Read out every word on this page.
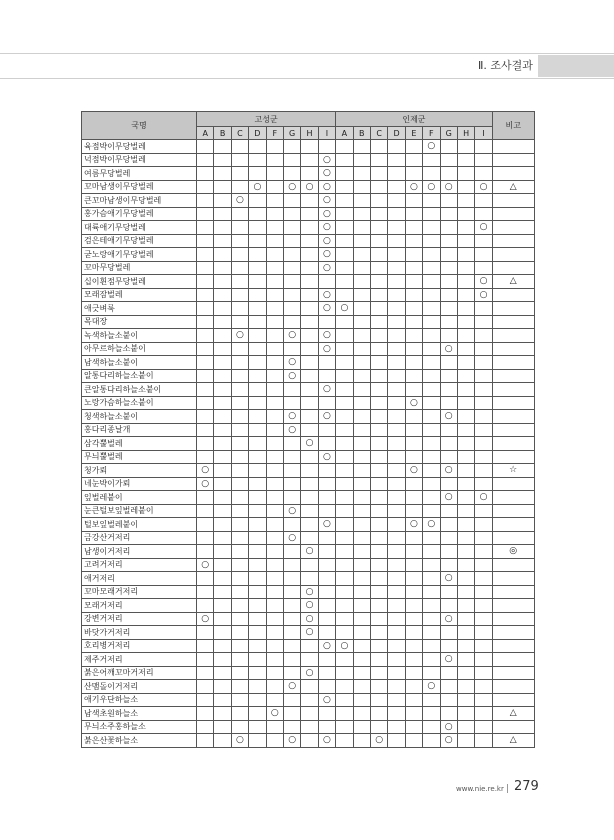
Ⅱ. 조사결과
국명	고성군								인제군									비고
	A	B	C	D	F	G	H	I	A	B	C	D	E	F	G	H	I	
육점박이무당벌레														○				
넉점박이무당벌레								○										
여름무당벌레								○										
꼬마남생이무당벌레				○		○	○	○					○	○	○		○	△
큰꼬마남생이무당벌레			○					○										
홍가슴애기무당벌레								○										
대륙애기무당벌레								○									○	
검은테애기무당벌레								○										
굳노랑애기무당벌레								○										
꼬마무당벌레								○										
십이흰점무당벌레																	○	△
모래잠벌레								○									○	
애긋벼룩								○	○									
목대장																		
녹색하늘소붙이			○			○		○										
아무르하늘소붙이								○							○			
남색하늘소붙이						○												
알통다리하늘소붙이						○												
큰알통다리하늘소붙이								○										
노랑가슴하늘소붙이													○					
청색하늘소붙이						○		○							○			
홍다리종날개						○												
삼각뿔벌레							○											
무늬뿔벌레								○										
청가뢰	○												○		○			☆
네눈박이가뢰	○																	
잎벌레붙이															○		○	
눈큰털보잎벌레붙이						○												
털보잎벌레붙이								○					○	○				
금강산거저리						○												
남생이거저리							○											◎
고려거저리	○																	
애거저리															○			
꼬마모래거저리							○											
모래거저리							○											
강변거저리	○						○								○			
바닷가거저리							○											
호리병거저리								○	○									
제주거저리															○			
붉은어깨꼬마거저리							○											
산맴돌이거저리						○								○				
애기우단하늘소								○										
남색초원하늘소					○													△
무늬소주홍하늘소															○			
붉은산꽃하늘소			○			○		○			○				○			△
www.nie.re.kr 279
